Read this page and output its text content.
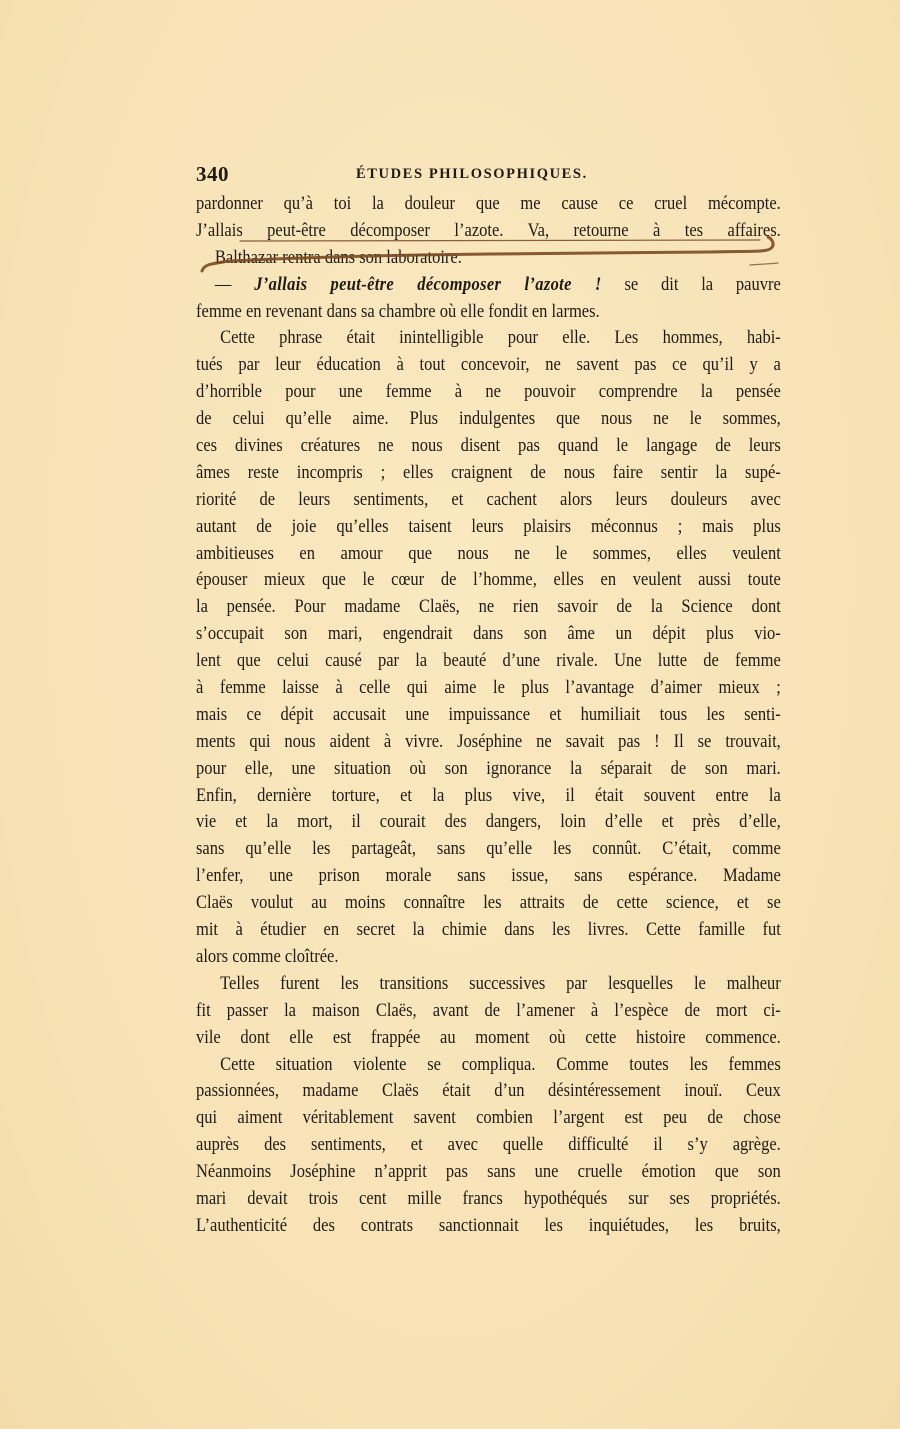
340	ÉTUDES PHILOSOPHIQUES.
pardonner qu’à toi la douleur que me cause ce cruel mécompte.
J’allais peut-être décomposer l’azote. Va, retourne à tes affaires.
Balthazar rentra dans son laboratoire.
— J’allais peut-être décomposer l’azote ! se dit la pauvre
femme en revenant dans sa chambre où elle fondit en larmes.
Cette phrase était inintelligible pour elle. Les hommes, habi-
tués par leur éducation à tout concevoir, ne savent pas ce qu’il y a
d’horrible pour une femme à ne pouvoir comprendre la pensée
de celui qu’elle aime. Plus indulgentes que nous ne le sommes,
ces divines créatures ne nous disent pas quand le langage de leurs
âmes reste incompris ; elles craignent de nous faire sentir la supé-
riorité de leurs sentiments, et cachent alors leurs douleurs avec
autant de joie qu’elles taisent leurs plaisirs méconnus ; mais plus
ambitieuses en amour que nous ne le sommes, elles veulent
épouser mieux que le cœur de l’homme, elles en veulent aussi toute
la pensée. Pour madame Claës, ne rien savoir de la Science dont
s’occupait son mari, engendrait dans son âme un dépit plus vio-
lent que celui causé par la beauté d’une rivale. Une lutte de femme
à femme laisse à celle qui aime le plus l’avantage d’aimer mieux ;
mais ce dépit accusait une impuissance et humiliait tous les senti-
ments qui nous aident à vivre. Joséphine ne savait pas ! Il se trouvait,
pour elle, une situation où son ignorance la séparait de son mari.
Enfin, dernière torture, et la plus vive, il était souvent entre la
vie et la mort, il courait des dangers, loin d’elle et près d’elle,
sans qu’elle les partageât, sans qu’elle les connût. C’était, comme
l’enfer, une prison morale sans issue, sans espérance. Madame
Claës voulut au moins connaître les attraits de cette science, et se
mit à étudier en secret la chimie dans les livres. Cette famille fut
alors comme cloîtrée.
Telles furent les transitions successives par lesquelles le malheur
fit passer la maison Claës, avant de l’amener à l’espèce de mort ci-
vile dont elle est frappée au moment où cette histoire commence.
Cette situation violente se compliqua. Comme toutes les femmes
passionnées, madame Claës était d’un désintéressement inouï. Ceux
qui aiment véritablement savent combien l’argent est peu de chose
auprès des sentiments, et avec quelle difficulté il s’y agrège.
Néanmoins Joséphine n’apprit pas sans une cruelle émotion que son
mari devait trois cent mille francs hypothéqués sur ses propriétés.
L’authenticité des contrats sanctionnait les inquiétudes, les bruits,
